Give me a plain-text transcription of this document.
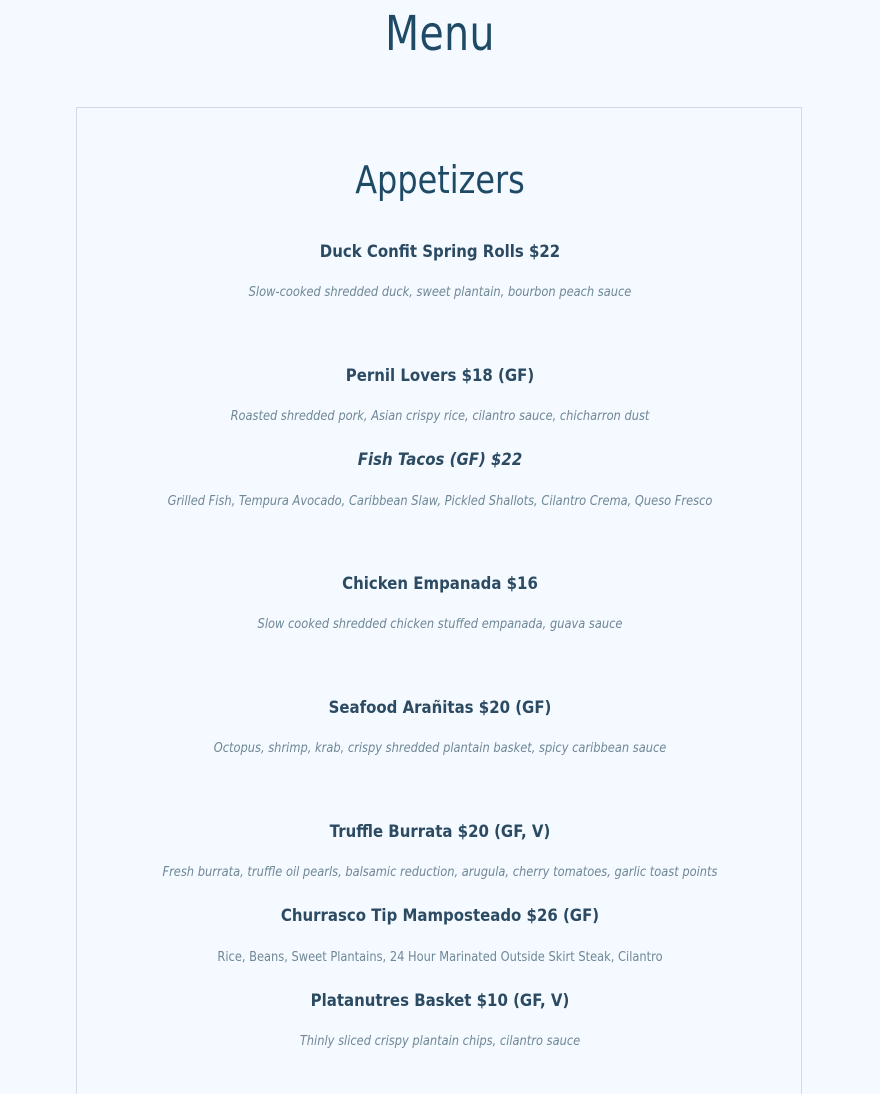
Menu
Appetizers
Duck Confit Spring Rolls $22

Slow-cooked shredded duck, sweet plantain, bourbon peach sauce

Pernil Lovers $18 (GF)

Roasted shredded pork, Asian crispy rice, cilantro sauce, chicharron dust

Fish Tacos (GF) $22

Grilled Fish, Tempura Avocado, Caribbean Slaw, Pickled Shallots, Cilantro Crema, Queso Fresco

Chicken Empanada $16

Slow cooked shredded chicken stuffed empanada, guava sauce

Seafood Arañitas $20 (GF)

Octopus, shrimp, krab, crispy shredded plantain basket, spicy caribbean sauce

Truffle Burrata $20 (GF, V)

Fresh burrata, truffle oil pearls, balsamic reduction, arugula, cherry tomatoes, garlic toast points

Churrasco Tip Mamposteado $26 (GF)

Rice, Beans, Sweet Plantains, 24 Hour Marinated Outside Skirt Steak, Cilantro

Platanutres Basket $10 (GF, V)

Thinly sliced crispy plantain chips, cilantro sauce
